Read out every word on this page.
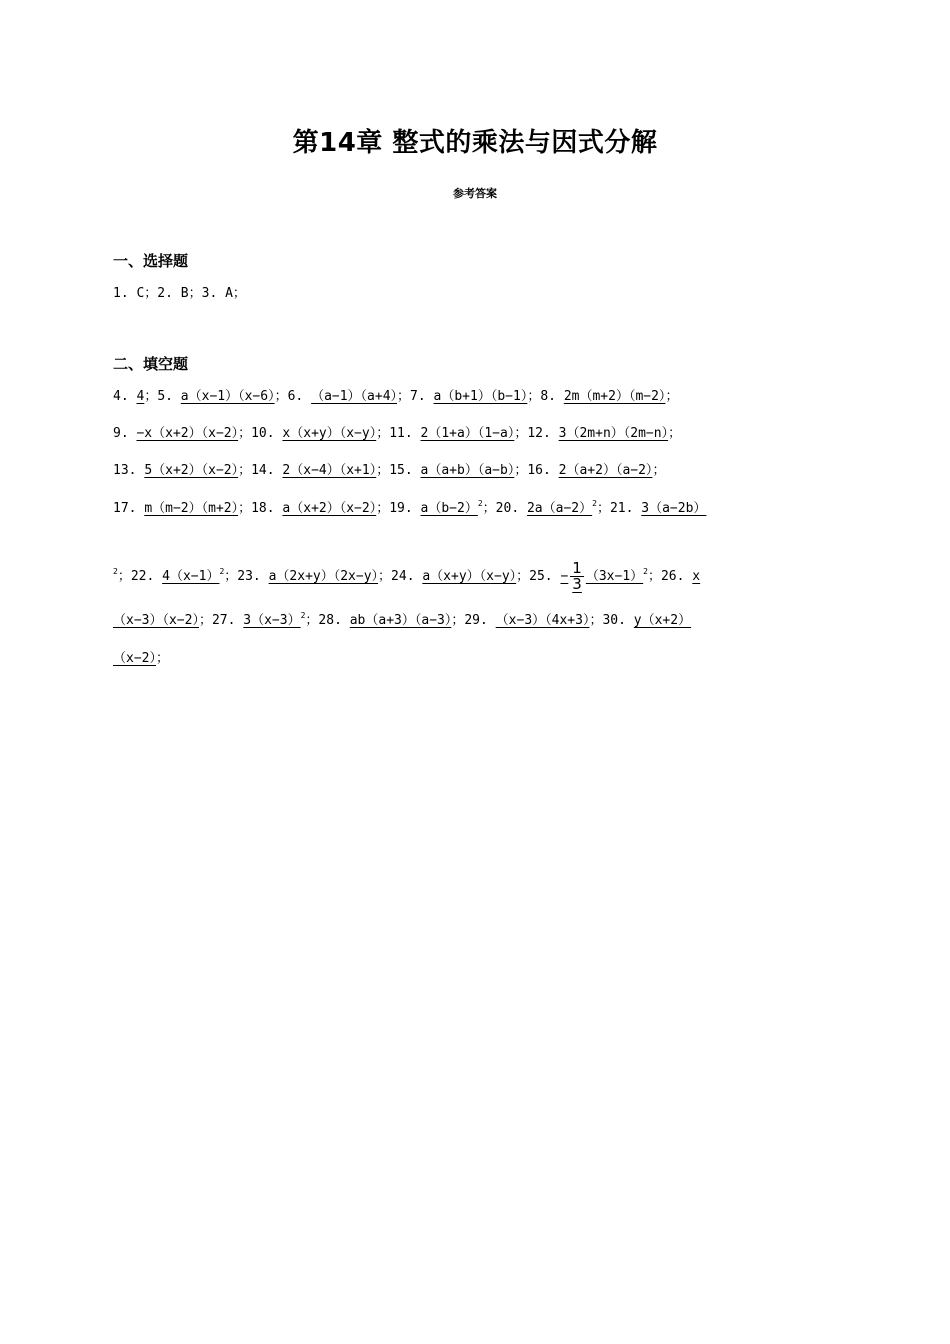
第14章 整式的乘法与因式分解
参考答案
一、选择题
1. C；2. B；3. A；
二、填空题
4. 4；5. a（x−1）（x−6）；6. （a−1）（a+4）；7. a（b+1）（b−1）；8. 2m（m+2）（m−2）；
9. −x（x+2）（x−2）；10. x（x+y）（x−y）；11. 2（1+a）（1−a）；12. 3（2m+n）（2m−n）；
13. 5（x+2）（x−2）；14. 2（x−4）（x+1）；15. a（a+b）（a−b）；16. 2（a+2）（a−2）；
17. m（m−2）（m+2）；18. a（x+2）（x−2）；19. $a(b-2)^2$；20. $2a(a-2)^2$；21. 3（a−2b）
$^2$；22. $4(x-1)^2$；23. a（2x+y）（2x−y）；24. a（x+y）（x−y）；25. − $\frac{1}{3} (3x-1)^2$；26. x
（x−3）（x−2）；27. $3(x-3)^2$；28. ab（a+3）（a−3）；29. （x−3）（4x+3）；30. y（x+2）
（x−2）；
